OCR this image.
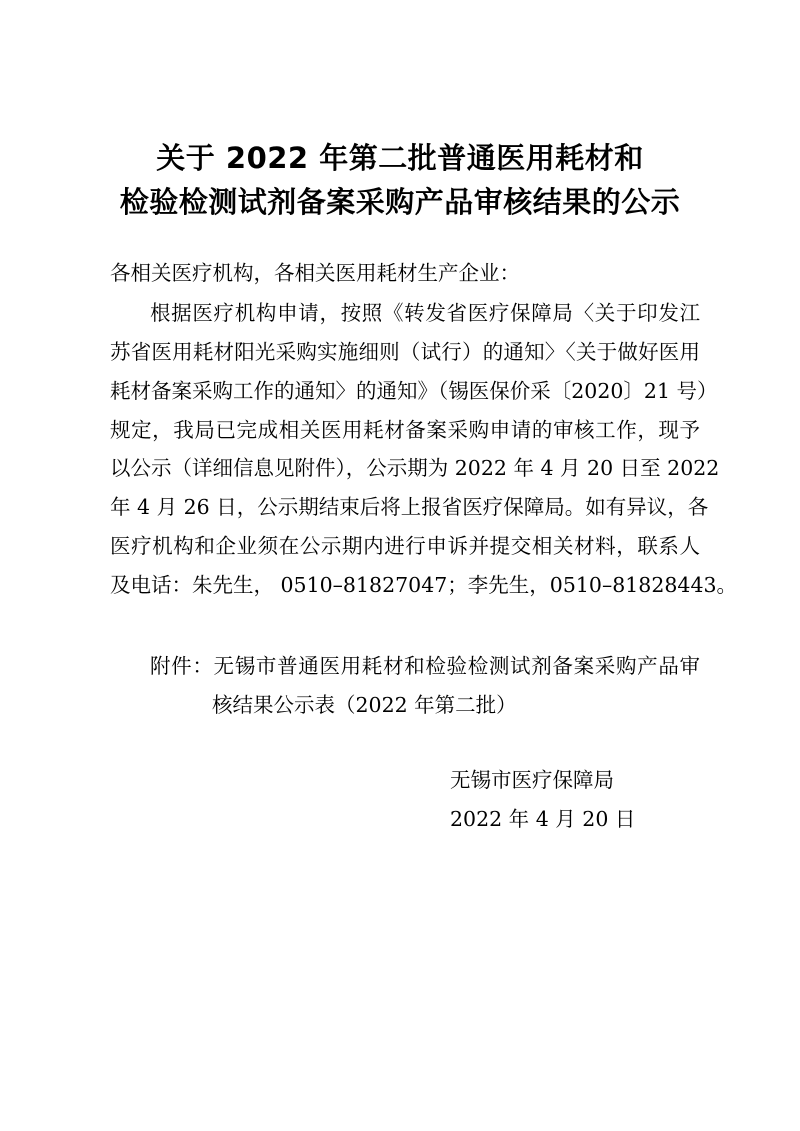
关于 2022 年第二批普通医用耗材和
检验检测试剂备案采购产品审核结果的公示
各相关医疗机构，各相关医用耗材生产企业：
根据医疗机构申请，按照《转发省医疗保障局〈关于印发江
苏省医用耗材阳光采购实施细则（试行）的通知〉〈关于做好医用
耗材备案采购工作的通知〉的通知》（锡医保价采〔2020〕21 号）
规定，我局已完成相关医用耗材备案采购申请的审核工作，现予
以公示（详细信息见附件），公示期为 2022 年 4 月 20 日至 2022
年 4 月 26 日，公示期结束后将上报省医疗保障局。如有异议，各
医疗机构和企业须在公示期内进行申诉并提交相关材料，联系人
及电话：朱先生， 0510–81827047；李先生，0510–81828443。
附件：无锡市普通医用耗材和检验检测试剂备案采购产品审
核结果公示表（2022 年第二批）
无锡市医疗保障局
2022 年 4 月 20 日
